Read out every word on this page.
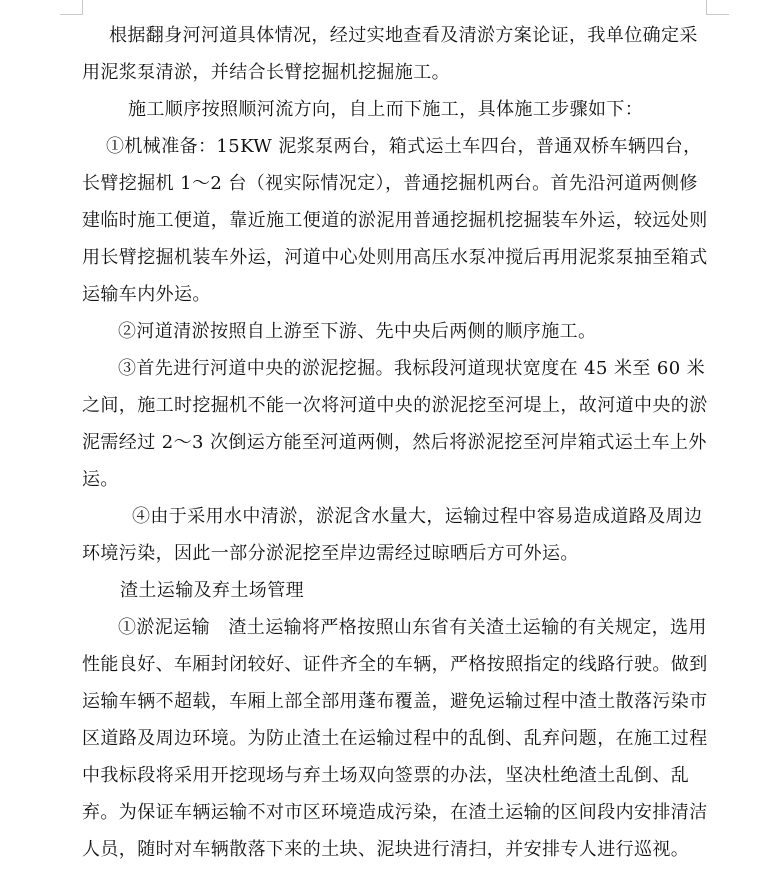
根据翻身河河道具体情况，经过实地查看及清淤方案论证，我单位确定采用泥浆泵清淤，并结合长臂挖掘机挖掘施工。

施工顺序按照顺河流方向，自上而下施工，具体施工步骤如下：

①机械准备：15KW 泥浆泵两台，箱式运土车四台，普通双桥车辆四台，长臂挖掘机 1～2 台（视实际情况定），普通挖掘机两台。首先沿河道两侧修建临时施工便道，靠近施工便道的淤泥用普通挖掘机挖掘装车外运，较远处则用长臂挖掘机装车外运，河道中心处则用高压水泵冲搅后再用泥浆泵抽至箱式运输车内外运。

②河道清淤按照自上游至下游、先中央后两侧的顺序施工。

③首先进行河道中央的淤泥挖掘。我标段河道现状宽度在 45 米至 60 米之间，施工时挖掘机不能一次将河道中央的淤泥挖至河堤上，故河道中央的淤泥需经过 2～3 次倒运方能至河道两侧，然后将淤泥挖至河岸箱式运土车上外运。

④由于采用水中清淤，淤泥含水量大，运输过程中容易造成道路及周边环境污染，因此一部分淤泥挖至岸边需经过晾晒后方可外运。

渣土运输及弃土场管理

①淤泥运输　渣土运输将严格按照山东省有关渣土运输的有关规定，选用性能良好、车厢封闭较好、证件齐全的车辆，严格按照指定的线路行驶。做到运输车辆不超载，车厢上部全部用蓬布覆盖，避免运输过程中渣土散落污染市区道路及周边环境。为防止渣土在运输过程中的乱倒、乱弃问题，在施工过程中我标段将采用开挖现场与弃土场双向签票的办法，坚决杜绝渣土乱倒、乱弃。为保证车辆运输不对市区环境造成污染，在渣土运输的区间段内安排清洁人员，随时对车辆散落下来的土块、泥块进行清扫，并安排专人进行巡视。
